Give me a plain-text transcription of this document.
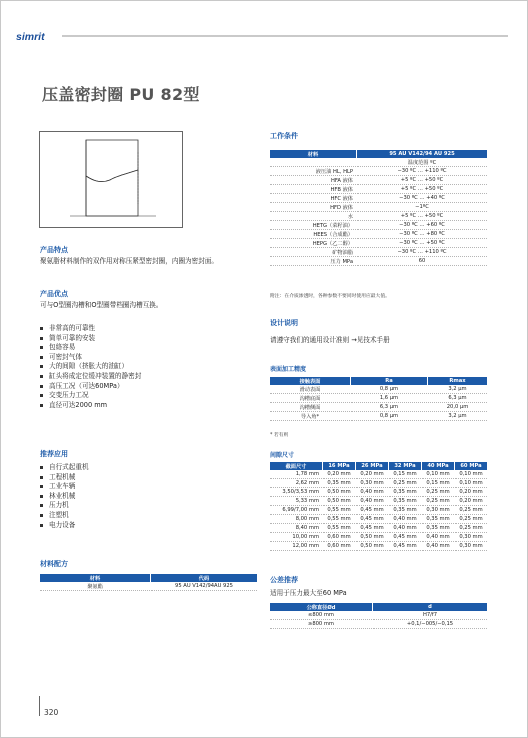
simrit
压盖密封圈 PU 82型
产品特点
聚氨脂材料制作的双作用对称压紧型密封圈，内圈为密封面。
产品优点
可与O型圈沟槽和O型圈带档圈沟槽互换。
非常高的可靠性
简单可靠的安装
包絡容易
可密封气体
大的间隙（挤胀大的油缸）
缸头将成定位缓冲装置的静密封
高压工况（可达60MPa）
交变压力工况
直径可达2000 mm
推荐应用
自行式起重机
工程机械
工业车辆
林业机械
压力机
注塑机
电力设备
材料配方
材料	代码
聚氨酯	95 AU V142/94AU 925
工作条件
材料	95 AU V142/94 AU 925
	温度范围 ºC
液压油 HL, HLP	−30 ºC … +110 ºC
HFA 液体	+5 ºC … +50 ºC
HFB 液体	+5 ºC … +50 ºC
HFC 液体	−30 ºC … +40 ºC
HFD 液体	−1ºC
水	+5 ºC … +50 ºC
HETG（菜籽油）	−30 ºC … +60 ºC
HEES（合成酯）	−30 ºC … +80 ºC
HEPG（乙二醇）	−30 ºC … +50 ºC
矿物油脂	−30 ºC … +110 ºC
压力 MPa	60
附注：在介质渗透时，各种参数不要同时使用应最大值。
设计说明
请遵守我们的通用设计准则 →见技术手册
表面加工精度
接触表面	Ra	Rmax
滑动表面	0,8 µm	3,2 µm
沟槽底面	1,6 µm	6,3 µm
沟槽侧面	6,3 µm	20,0 µm
导入角*	0,8 µm	3,2 µm
* 若有则
间隙尺寸
截面尺寸	16 MPa	26 MPa	32 MPa	40 MPa	60 MPa
1,78 mm	0,20 mm	0,20 mm	0,15 mm	0,10 mm	0,10 mm
2,62 mm	0,35 mm	0,30 mm	0,25 mm	0,15 mm	0,10 mm
3,50/3,53 mm	0,50 mm	0,40 mm	0,35 mm	0,25 mm	0,20 mm
5,33 mm	0,50 mm	0,40 mm	0,35 mm	0,25 mm	0,20 mm
6,99/7,00 mm	0,55 mm	0,45 mm	0,35 mm	0,30 mm	0,25 mm
8,00 mm	0,55 mm	0,45 mm	0,40 mm	0,35 mm	0,25 mm
8,40 mm	0,55 mm	0,45 mm	0,40 mm	0,35 mm	0,25 mm
10,00 mm	0,60 mm	0,50 mm	0,45 mm	0,40 mm	0,30 mm
12,00 mm	0,60 mm	0,50 mm	0,45 mm	0,40 mm	0,30 mm
公差推荐
适用于压力最大至60 MPa
公称直径Ød	d
≤800 mm	H7/f7
≥800 mm	+0,1/−005/−0,15
320
